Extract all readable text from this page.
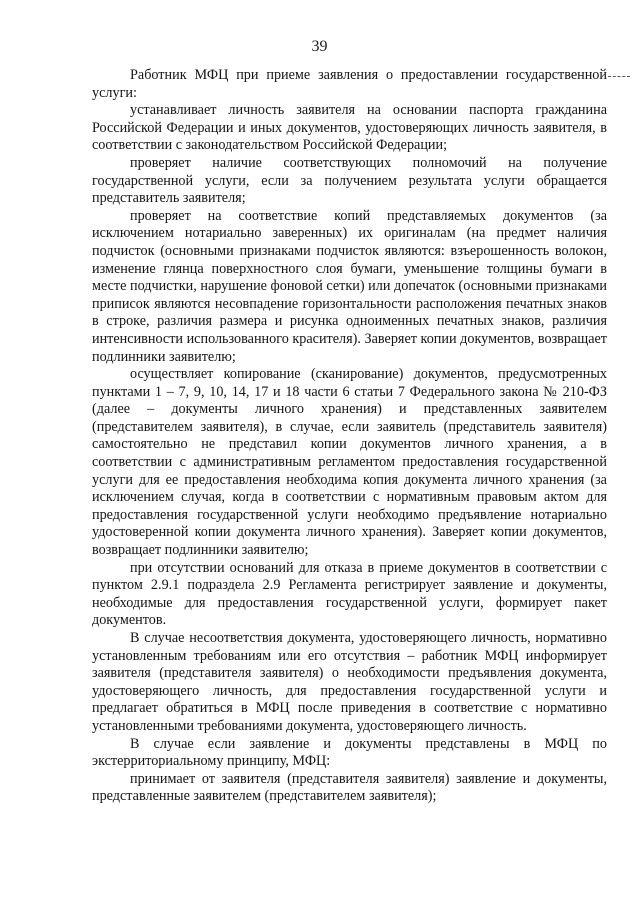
39

Работник МФЦ при приеме заявления о предоставлении государственной услуги:

устанавливает личность заявителя на основании паспорта гражданина Российской Федерации и иных документов, удостоверяющих личность заявителя, в соответствии с законодательством Российской Федерации;

проверяет наличие соответствующих полномочий на получение государственной услуги, если за получением результата услуги обращается представитель заявителя;

проверяет на соответствие копий представляемых документов (за исключением нотариально заверенных) их оригиналам (на предмет наличия подчисток (основными признаками подчисток являются: взъерошенность волокон, изменение глянца поверхностного слоя бумаги, уменьшение толщины бумаги в месте подчистки, нарушение фоновой сетки) или допечаток (основными признаками приписок являются несовпадение горизонтальности расположения печатных знаков в строке, различия размера и рисунка одноименных печатных знаков, различия интенсивности использованного красителя). Заверяет копии документов, возвращает подлинники заявителю;

осуществляет копирование (сканирование) документов, предусмотренных пунктами 1 – 7, 9, 10, 14, 17 и 18 части 6 статьи 7 Федерального закона № 210-ФЗ (далее – документы личного хранения) и представленных заявителем (представителем заявителя), в случае, если заявитель (представитель заявителя) самостоятельно не представил копии документов личного хранения, а в соответствии с административным регламентом предоставления государственной услуги для ее предоставления необходима копия документа личного хранения (за исключением случая, когда в соответствии с нормативным правовым актом для предоставления государственной услуги необходимо предъявление нотариально удостоверенной копии документа личного хранения). Заверяет копии документов, возвращает подлинники заявителю;

при отсутствии оснований для отказа в приеме документов в соответствии с пунктом 2.9.1 подраздела 2.9 Регламента регистрирует заявление и документы, необходимые для предоставления государственной услуги, формирует пакет документов.

В случае несоответствия документа, удостоверяющего личность, нормативно установленным требованиям или его отсутствия – работник МФЦ информирует заявителя (представителя заявителя) о необходимости предъявления документа, удостоверяющего личность, для предоставления государственной услуги и предлагает обратиться в МФЦ после приведения в соответствие с нормативно установленными требованиями документа, удостоверяющего личность.

В случае если заявление и документы представлены в МФЦ по экстерриториальному принципу, МФЦ:

принимает от заявителя (представителя заявителя) заявление и документы, представленные заявителем (представителем заявителя);
